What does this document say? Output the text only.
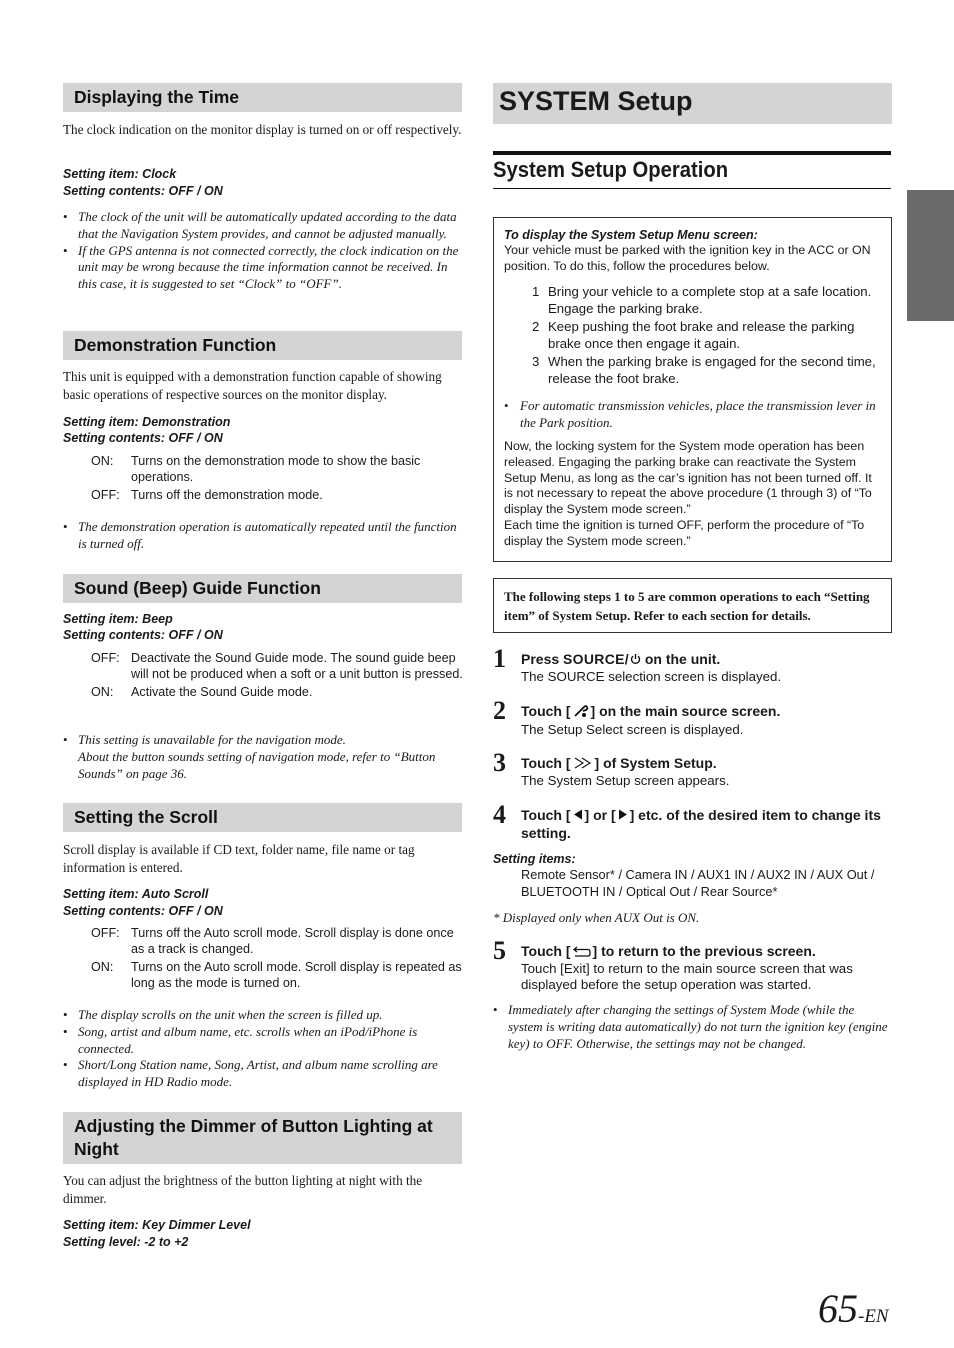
Displaying the Time

The clock indication on the monitor display is turned on or off respectively.

Setting item: Clock
Setting contents: OFF / ON
• The clock of the unit will be automatically updated according to the data that the Navigation System provides, and cannot be adjusted manually.
• If the GPS antenna is not connected correctly, the clock indication on the unit may be wrong because the time information cannot be received. In this case, it is suggested to set “Clock” to “OFF”.
Demonstration Function

This unit is equipped with a demonstration function capable of showing basic operations of respective sources on the monitor display.

Setting item: Demonstration
Setting contents: OFF / ON
ON:	Turns on the demonstration mode to show the basic operations.
OFF: Turns off the demonstration mode.
• The demonstration operation is automatically repeated until the function is turned off.
Sound (Beep) Guide Function
Setting item: Beep
Setting contents: OFF / ON
OFF: Deactivate the Sound Guide mode. The sound guide beep will not be produced when a soft or a unit button is pressed.
ON:	Activate the Sound Guide mode.
• This setting is unavailable for the navigation mode.
About the button sounds setting of navigation mode, refer to “Button Sounds” on page 36.
Setting the Scroll

Scroll display is available if CD text, folder name, file name or tag information is entered.

Setting item: Auto Scroll
Setting contents: OFF / ON
OFF: Turns off the Auto scroll mode. Scroll display is done once as a track is changed.
ON:	Turns on the Auto scroll mode. Scroll display is repeated as long as the mode is turned on.
• The display scrolls on the unit when the screen is filled up.
• Song, artist and album name, etc. scrolls when an iPod/iPhone is connected.
• Short/Long Station name, Song, Artist, and album name scrolling are displayed in HD Radio mode.
Adjusting the Dimmer of Button Lighting at Night

You can adjust the brightness of the button lighting at night with the dimmer.

Setting item: Key Dimmer Level
Setting level: -2 to +2
SYSTEM Setup
System Setup Operation
To display the System Setup Menu screen:
Your vehicle must be parked with the ignition key in the ACC or ON position. To do this, follow the procedures below.
1 Bring your vehicle to a complete stop at a safe location. Engage the parking brake.
2 Keep pushing the foot brake and release the parking brake once then engage it again.
3 When the parking brake is engaged for the second time, release the foot brake.
• For automatic transmission vehicles, place the transmission lever in the Park position.
Now, the locking system for the System mode operation has been released. Engaging the parking brake can reactivate the System Setup Menu, as long as the car’s ignition has not been turned off. It is not necessary to repeat the above procedure (1 through 3) of “To display the System mode screen.”
Each time the ignition is turned OFF, perform the procedure of “To display the System mode screen.”
The following steps 1 to 5 are common operations to each “Setting item” of System Setup. Refer to each section for details.
1 Press SOURCE/ on the unit.
The SOURCE selection screen is displayed.
2 Touch [ ] on the main source screen.
The Setup Select screen is displayed.
3 Touch [ ] of System Setup.
The System Setup screen appears.
4 Touch [ ] or [ ] etc. of the desired item to change its setting.
Setting items:
Remote Sensor* / Camera IN / AUX1 IN / AUX2 IN / AUX Out / BLUETOOTH IN / Optical Out / Rear Source*
* Displayed only when AUX Out is ON.
5 Touch [ ] to return to the previous screen.
Touch [Exit] to return to the main source screen that was displayed before the setup operation was started.
• Immediately after changing the settings of System Mode (while the system is writing data automatically) do not turn the ignition key (engine key) to OFF. Otherwise, the settings may not be changed.
65-EN
